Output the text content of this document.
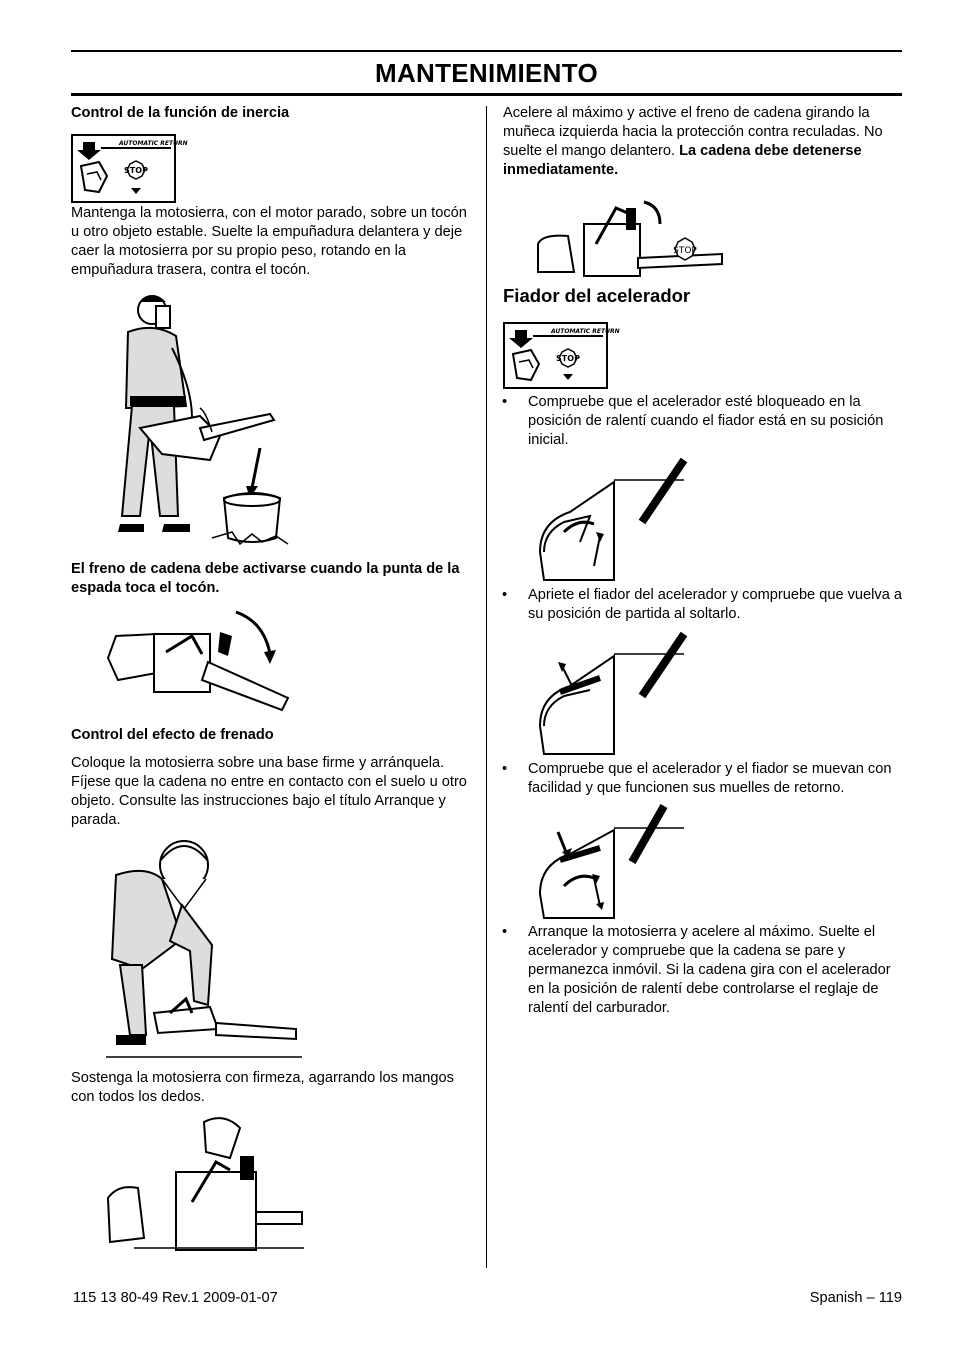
MANTENIMIENTO
Control de la función de inercia
AUTOMATIC RETURN
STOP
Mantenga la motosierra, con el motor parado, sobre un tocón u otro objeto estable. Suelte la empuñadura delantera y deje caer la motosierra por su propio peso, rotando en la empuñadura trasera, contra el tocón.
El freno de cadena debe activarse cuando la punta de la espada toca el tocón.
Control del efecto de frenado
Coloque la motosierra sobre una base firme y arránquela. Fíjese que la cadena no entre en contacto con el suelo u otro objeto. Consulte las instrucciones bajo el título Arranque y parada.
Sostenga la motosierra con firmeza, agarrando los mangos con todos los dedos.
Acelere al máximo y active el freno de cadena girando la muñeca izquierda hacia la protección contra reculadas. No suelte el mango delantero. La cadena debe detenerse inmediatamente.
STOP
Fiador del acelerador
AUTOMATIC RETURN
STOP
• Compruebe que el acelerador esté bloqueado en la posición de ralentí cuando el fiador está en su posición inicial.
• Apriete el fiador del acelerador y compruebe que vuelva a su posición de partida al soltarlo.
• Compruebe que el acelerador y el fiador se muevan con facilidad y que funcionen sus muelles de retorno.
• Arranque la motosierra y acelere al máximo. Suelte el acelerador y compruebe que la cadena se pare y permanezca inmóvil. Si la cadena gira con el acelerador en la posición de ralentí debe controlarse el reglaje de ralentí del carburador.
115 13 80-49 Rev.1 2009-01-07	Spanish – 119
